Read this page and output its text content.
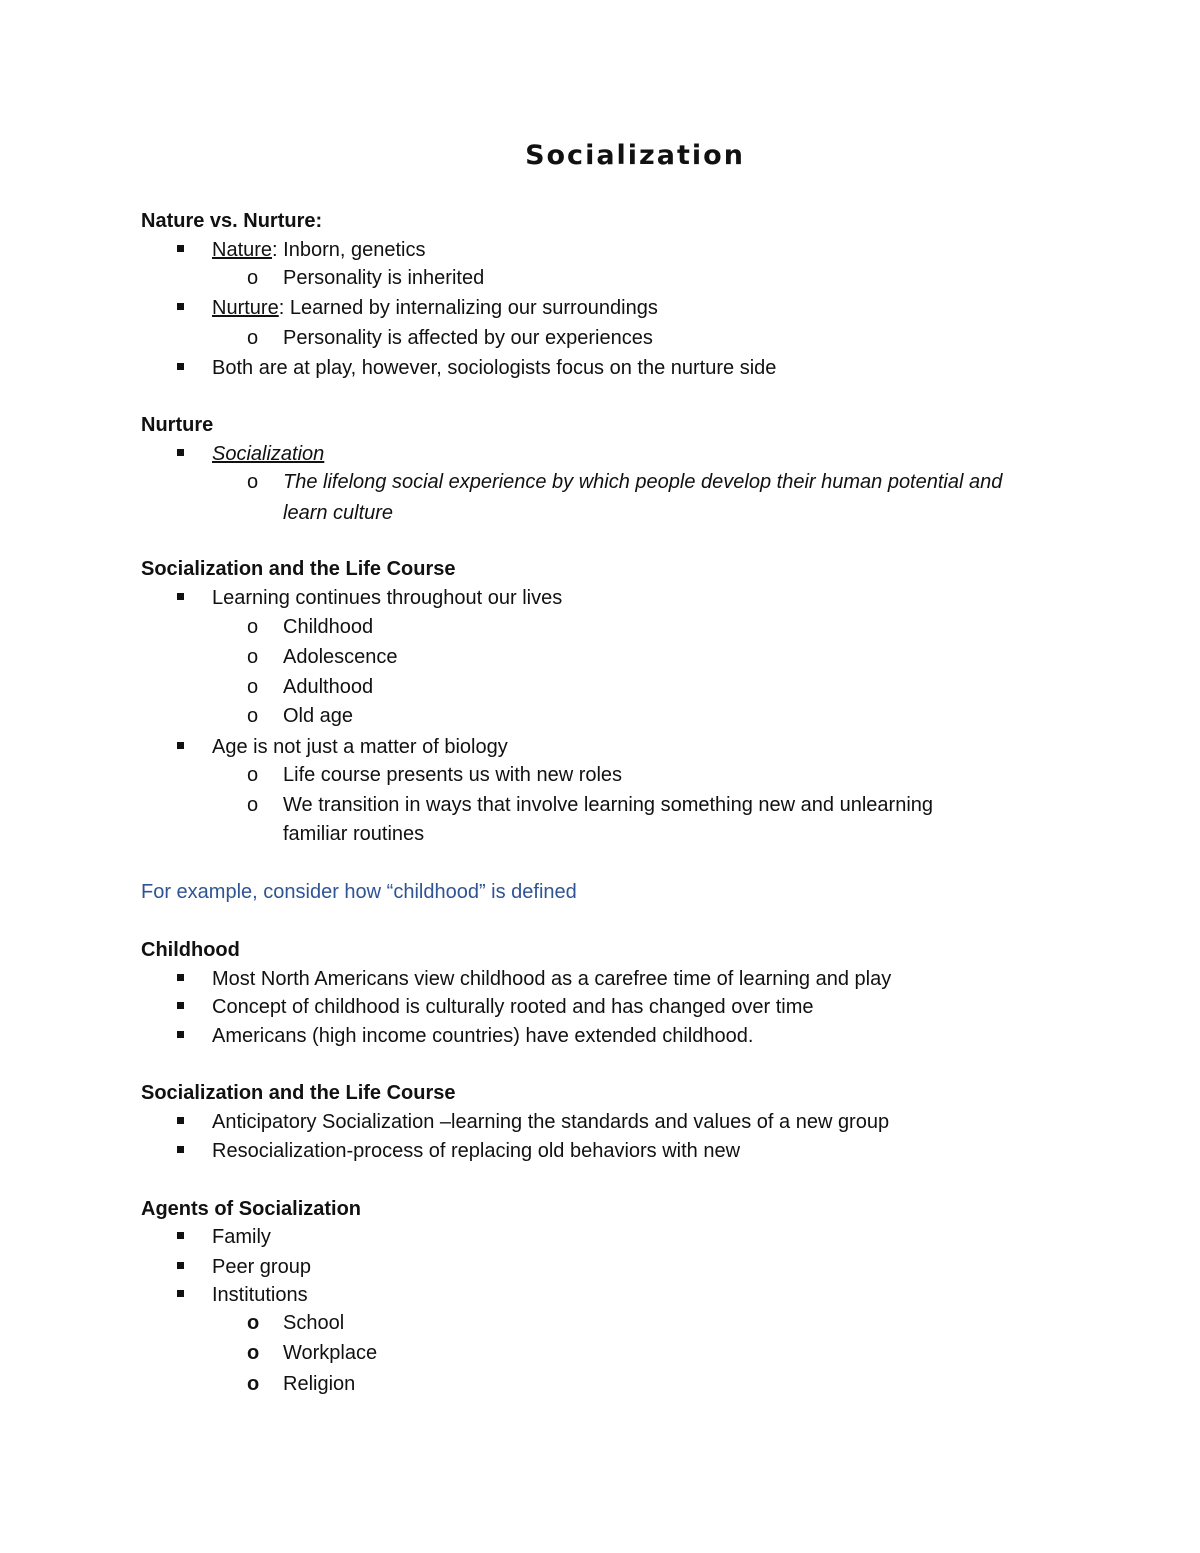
Socialization
Nature vs. Nurture:
Nature: Inborn, genetics
o Personality is inherited
Nurture: Learned by internalizing our surroundings
o Personality is affected by our experiences
Both are at play, however, sociologists focus on the nurture side
Nurture
Socialization
o The lifelong social experience by which people develop their human potential and
learn culture
Socialization and the Life Course
Learning continues throughout our lives
o Childhood
o Adolescence
o Adulthood
o Old age
Age is not just a matter of biology
o Life course presents us with new roles
o We transition in ways that involve learning something new and unlearning
familiar routines
For example, consider how “childhood” is defined
Childhood
Most North Americans view childhood as a carefree time of learning and play
Concept of childhood is culturally rooted and has changed over time
Americans (high income countries) have extended childhood.
Socialization and the Life Course
Anticipatory Socialization –learning the standards and values of a new group
Resocialization-process of replacing old behaviors with new
Agents of Socialization
Family
Peer group
Institutions
o School
o Workplace
o Religion
